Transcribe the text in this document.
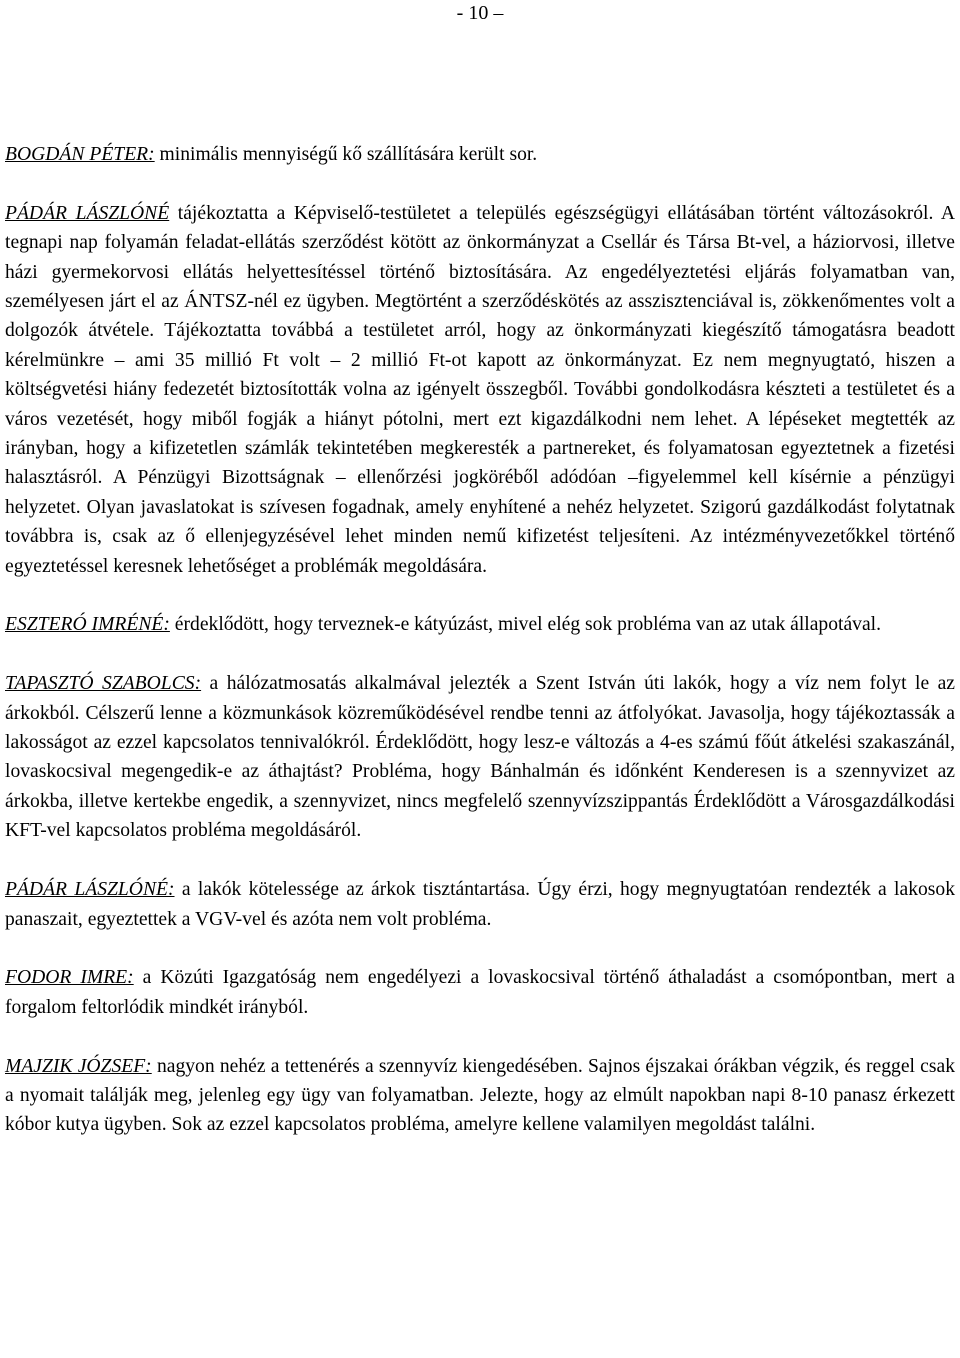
- 10 –

BOGDÁN PÉTER: minimális mennyiségű kő szállítására került sor.

PÁDÁR LÁSZLÓNÉ tájékoztatta a Képviselő-testületet a település egészségügyi ellátásában történt változásokról. A tegnapi nap folyamán feladat-ellátás szerződést kötött az önkormányzat a Csellár és Társa Bt-vel, a háziorvosi, illetve házi gyermekorvosi ellátás helyettesítéssel történő biztosítására. Az engedélyeztetési eljárás folyamatban van, személyesen járt el az ÁNTSZ-nél ez ügyben. Megtörtént a szerződéskötés az asszisztenciával is, zökkenőmentes volt a dolgozók átvétele. Tájékoztatta továbbá a testületet arról, hogy az önkormányzati kiegészítő támogatásra beadott kérelmünkre – ami 35 millió Ft volt – 2 millió Ft-ot kapott az önkormányzat. Ez nem megnyugtató, hiszen a költségvetési hiány fedezetét biztosították volna az igényelt összegből. További gondolkodásra készteti a testületet és a város vezetését, hogy miből fogják a hiányt pótolni, mert ezt kigazdálkodni nem lehet. A lépéseket megtették az irányban, hogy a kifizetetlen számlák tekintetében megkeresték a partnereket, és folyamatosan egyeztetnek a fizetési halasztásról. A Pénzügyi Bizottságnak – ellenőrzési jogköréből adódóan –figyelemmel kell kísérnie a pénzügyi helyzetet. Olyan javaslatokat is szívesen fogadnak, amely enyhítené a nehéz helyzetet. Szigorú gazdálkodást folytatnak továbbra is, csak az ő ellenjegyzésével lehet minden nemű kifizetést teljesíteni. Az intézményvezetőkkel történő egyeztetéssel keresnek lehetőséget a problémák megoldására.

ESZTERÓ IMRÉNÉ: érdeklődött, hogy terveznek-e kátyúzást, mivel elég sok probléma van az utak állapotával.

TAPASZTÓ SZABOLCS: a hálózatmosatás alkalmával jelezték a Szent István úti lakók, hogy a víz nem folyt le az árkokból. Célszerű lenne a közmunkások közreműködésével rendbe tenni az átfolyókat. Javasolja, hogy tájékoztassák a lakosságot az ezzel kapcsolatos tennivalókról. Érdeklődött, hogy lesz-e változás a 4-es számú főút átkelési szakaszánál, lovaskocsival megengedik-e az áthajtást? Probléma, hogy Bánhalmán és időnként Kenderesen is a szennyvizet az árkokba, illetve kertekbe engedik, a szennyvizet, nincs megfelelő szennyvízszippantás Érdeklődött a Városgazdálkodási KFT-vel kapcsolatos probléma megoldásáról.

PÁDÁR LÁSZLÓNÉ: a lakók kötelessége az árkok tisztántartása. Úgy érzi, hogy megnyugtatóan rendezték a lakosok panaszait, egyeztettek a VGV-vel és azóta nem volt probléma.

FODOR IMRE: a Közúti Igazgatóság nem engedélyezi a lovaskocsival történő áthaladást a csomópontban, mert a forgalom feltorlódik mindkét irányból.

MAJZIK JÓZSEF: nagyon nehéz a tettenérés a szennyvíz kiengedésében. Sajnos éjszakai órákban végzik, és reggel csak a nyomait találják meg, jelenleg egy ügy van folyamatban. Jelezte, hogy az elmúlt napokban napi 8-10 panasz érkezett kóbor kutya ügyben. Sok az ezzel kapcsolatos probléma, amelyre kellene valamilyen megoldást találni.
